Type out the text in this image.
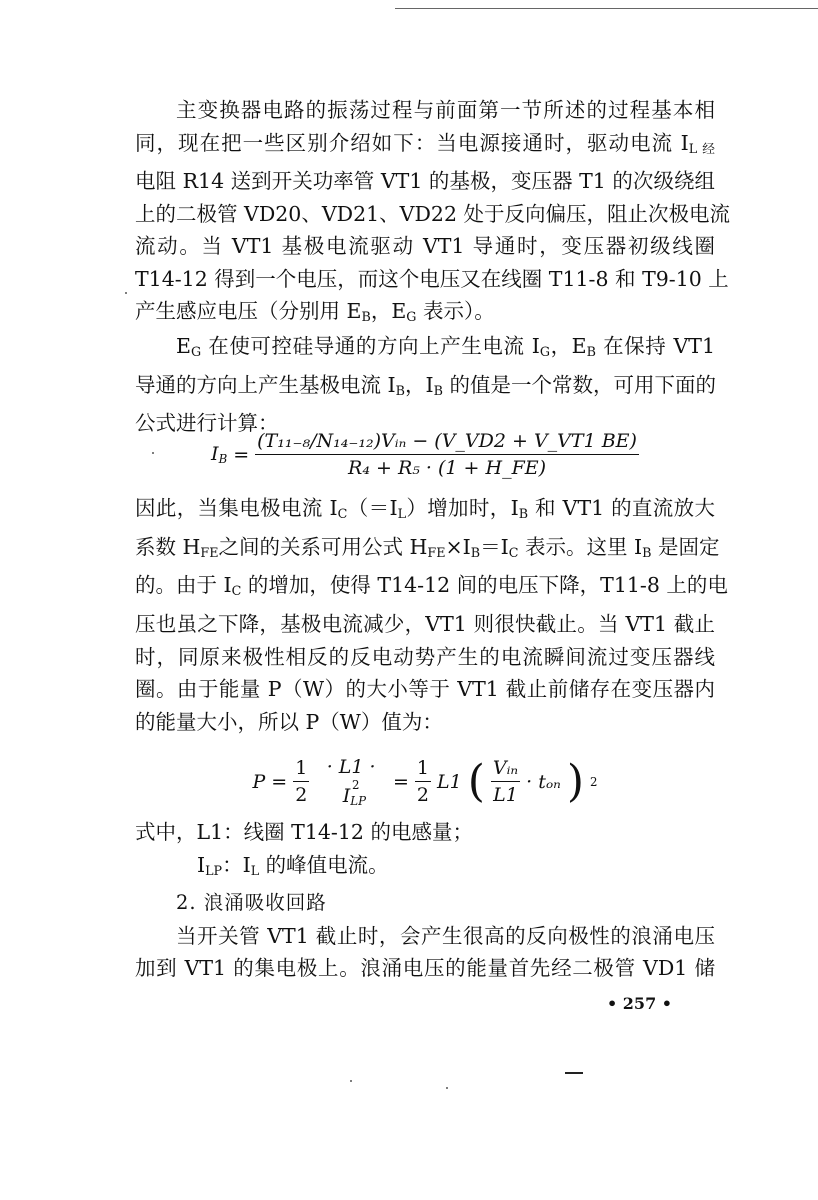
主变换器电路的振荡过程与前面第一节所述的过程基本相

同，现在把一些区别介绍如下：当电源接通时，驱动电流 $I_{L 经}$

电阻 R14 送到开关功率管 VT1 的基极，变压器 T1 的次级绕组

上的二极管 VD20、VD21、VD22 处于反向偏压，阻止次极电流

流动。当 VT1 基极电流驱动 VT1 导通时，变压器初级线圈

T14-12 得到一个电压，而这个电压又在线圈 T11-8 和 T9-10 上

产生感应电压（分别用 $E_B$，$E_G$ 表示）。

$E_G$ 在使可控硅导通的方向上产生电流 $I_G$，$E_B$ 在保持 VT1

导通的方向上产生基极电流 $I_B$，$I_B$ 的值是一个常数，可用下面的

公式进行计算：

$I_B = \frac{\text{(T₁₁₋₈/N₁₄₋₁₂)Vᵢₙ − (V\_VD2 + V\_VT1 BE)}}{\text{R₄ + R₅ · (1 + H\_FE)}}$

因此，当集电极电流 $I_C(=I_L)$增加时，$I_B$ 和 VT1 的直流放大

系数 $H_{FE}$之间的关系可用公式 $H_{FE}\times I_B=I_C$ 表示。这里 $I_B$ 是固定

的。由于 $I_C$ 的增加，使得 T14-12 间的电压下降，T11-8 上的电

压也虽之下降，基极电流减少，VT1 则很快截止。当 VT1 截止

时，同原来极性相反的反电动势产生的电流瞬间流过变压器线

圈。由于能量 P（W）的大小等于 VT1 截止前储存在变压器内

的能量大小，所以 P（W）值为：

$P = \frac{1}{2} \cdot L1 \cdot I_{LP}^2$	= $\frac{1}{2} L1$ ( $\frac{\text{Vᵢₙ}}{L1} \cdot t_{on}$ ) 2

式中，L1：线圈 T14-12 的电感量；

$I_{LP}$：$I_L$ 的峰值电流。

2. 浪涌吸收回路

当开关管 VT1 截止时，会产生很高的反向极性的浪涌电压

加到 VT1 的集电极上。浪涌电压的能量首先经二极管 VD1 储

• 257 •
